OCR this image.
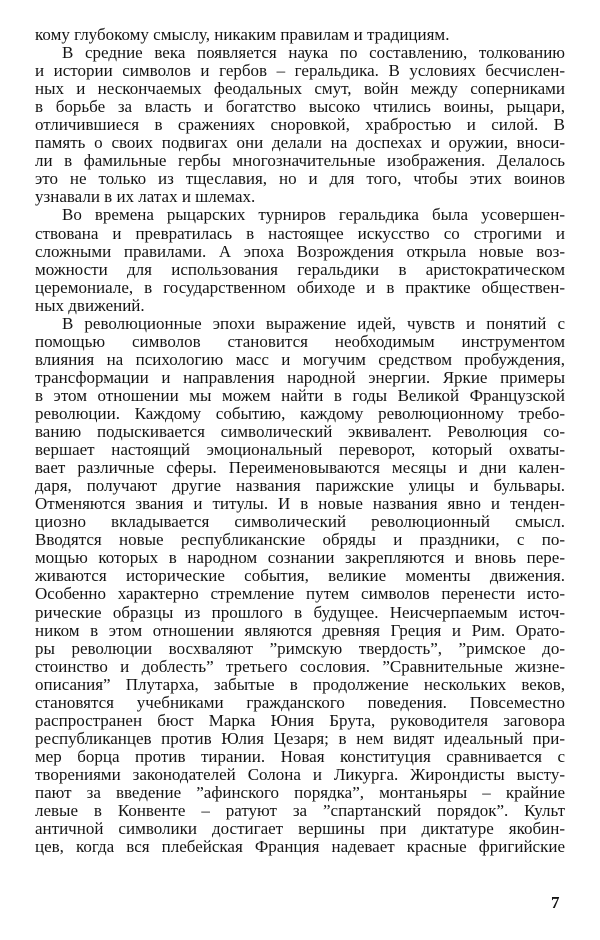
кому глубокому смыслу, никаким правилам и традициям.
В средние века появляется наука по составлению, толкованию
и истории символов и гербов – геральдика. В условиях бесчислен-
ных и нескончаемых феодальных смут, войн между соперниками
в борьбе за власть и богатство высоко чтились воины, рыцари,
отличившиеся в сражениях сноровкой, храбростью и силой. В
память о своих подвигах они делали на доспехах и оружии, вноси-
ли в фамильные гербы многозначительные изображения. Делалось
это не только из тщеславия, но и для того, чтобы этих воинов
узнавали в их латах и шлемах.
Во времена рыцарских турниров геральдика была усовершен-
ствована и превратилась в настоящее искусство со строгими и
сложными правилами. А эпоха Возрождения открыла новые воз-
можности для использования геральдики в аристократическом
церемониале, в государственном обиходе и в практике обществен-
ных движений.
В революционные эпохи выражение идей, чувств и понятий с
помощью символов становится необходимым инструментом
влияния на психологию масс и могучим средством пробуждения,
трансформации и направления народной энергии. Яркие примеры
в этом отношении мы можем найти в годы Великой Французской
революции. Каждому событию, каждому революционному требо-
ванию подыскивается символический эквивалент. Революция со-
вершает настоящий эмоциональный переворот, который охваты-
вает различные сферы. Переименовываются месяцы и дни кален-
даря, получают другие названия парижские улицы и бульвары.
Отменяются звания и титулы. И в новые названия явно и тенден-
циозно вкладывается символический революционный смысл.
Вводятся новые республиканские обряды и праздники, с по-
мощью которых в народном сознании закрепляются и вновь пере-
живаются исторические события, великие моменты движения.
Особенно характерно стремление путем символов перенести исто-
рические образцы из прошлого в будущее. Неисчерпаемым источ-
ником в этом отношении являются древняя Греция и Рим. Орато-
ры революции восхваляют ”римскую твердость”, ”римское до-
стоинство и доблесть” третьего сословия. ”Сравнительные жизне-
описания” Плутарха, забытые в продолжение нескольких веков,
становятся учебниками гражданского поведения. Повсеместно
распространен бюст Марка Юния Брута, руководителя заговора
республиканцев против Юлия Цезаря; в нем видят идеальный при-
мер борца против тирании. Новая конституция сравнивается с
творениями законодателей Солона и Ликурга. Жирондисты высту-
пают за введение ”афинского порядка”, монтаньяры – крайние
левые в Конвенте – ратуют за ”спартанский порядок”. Культ
античной символики достигает вершины при диктатуре якобин-
цев, когда вся плебейская Франция надевает красные фригийские
7
